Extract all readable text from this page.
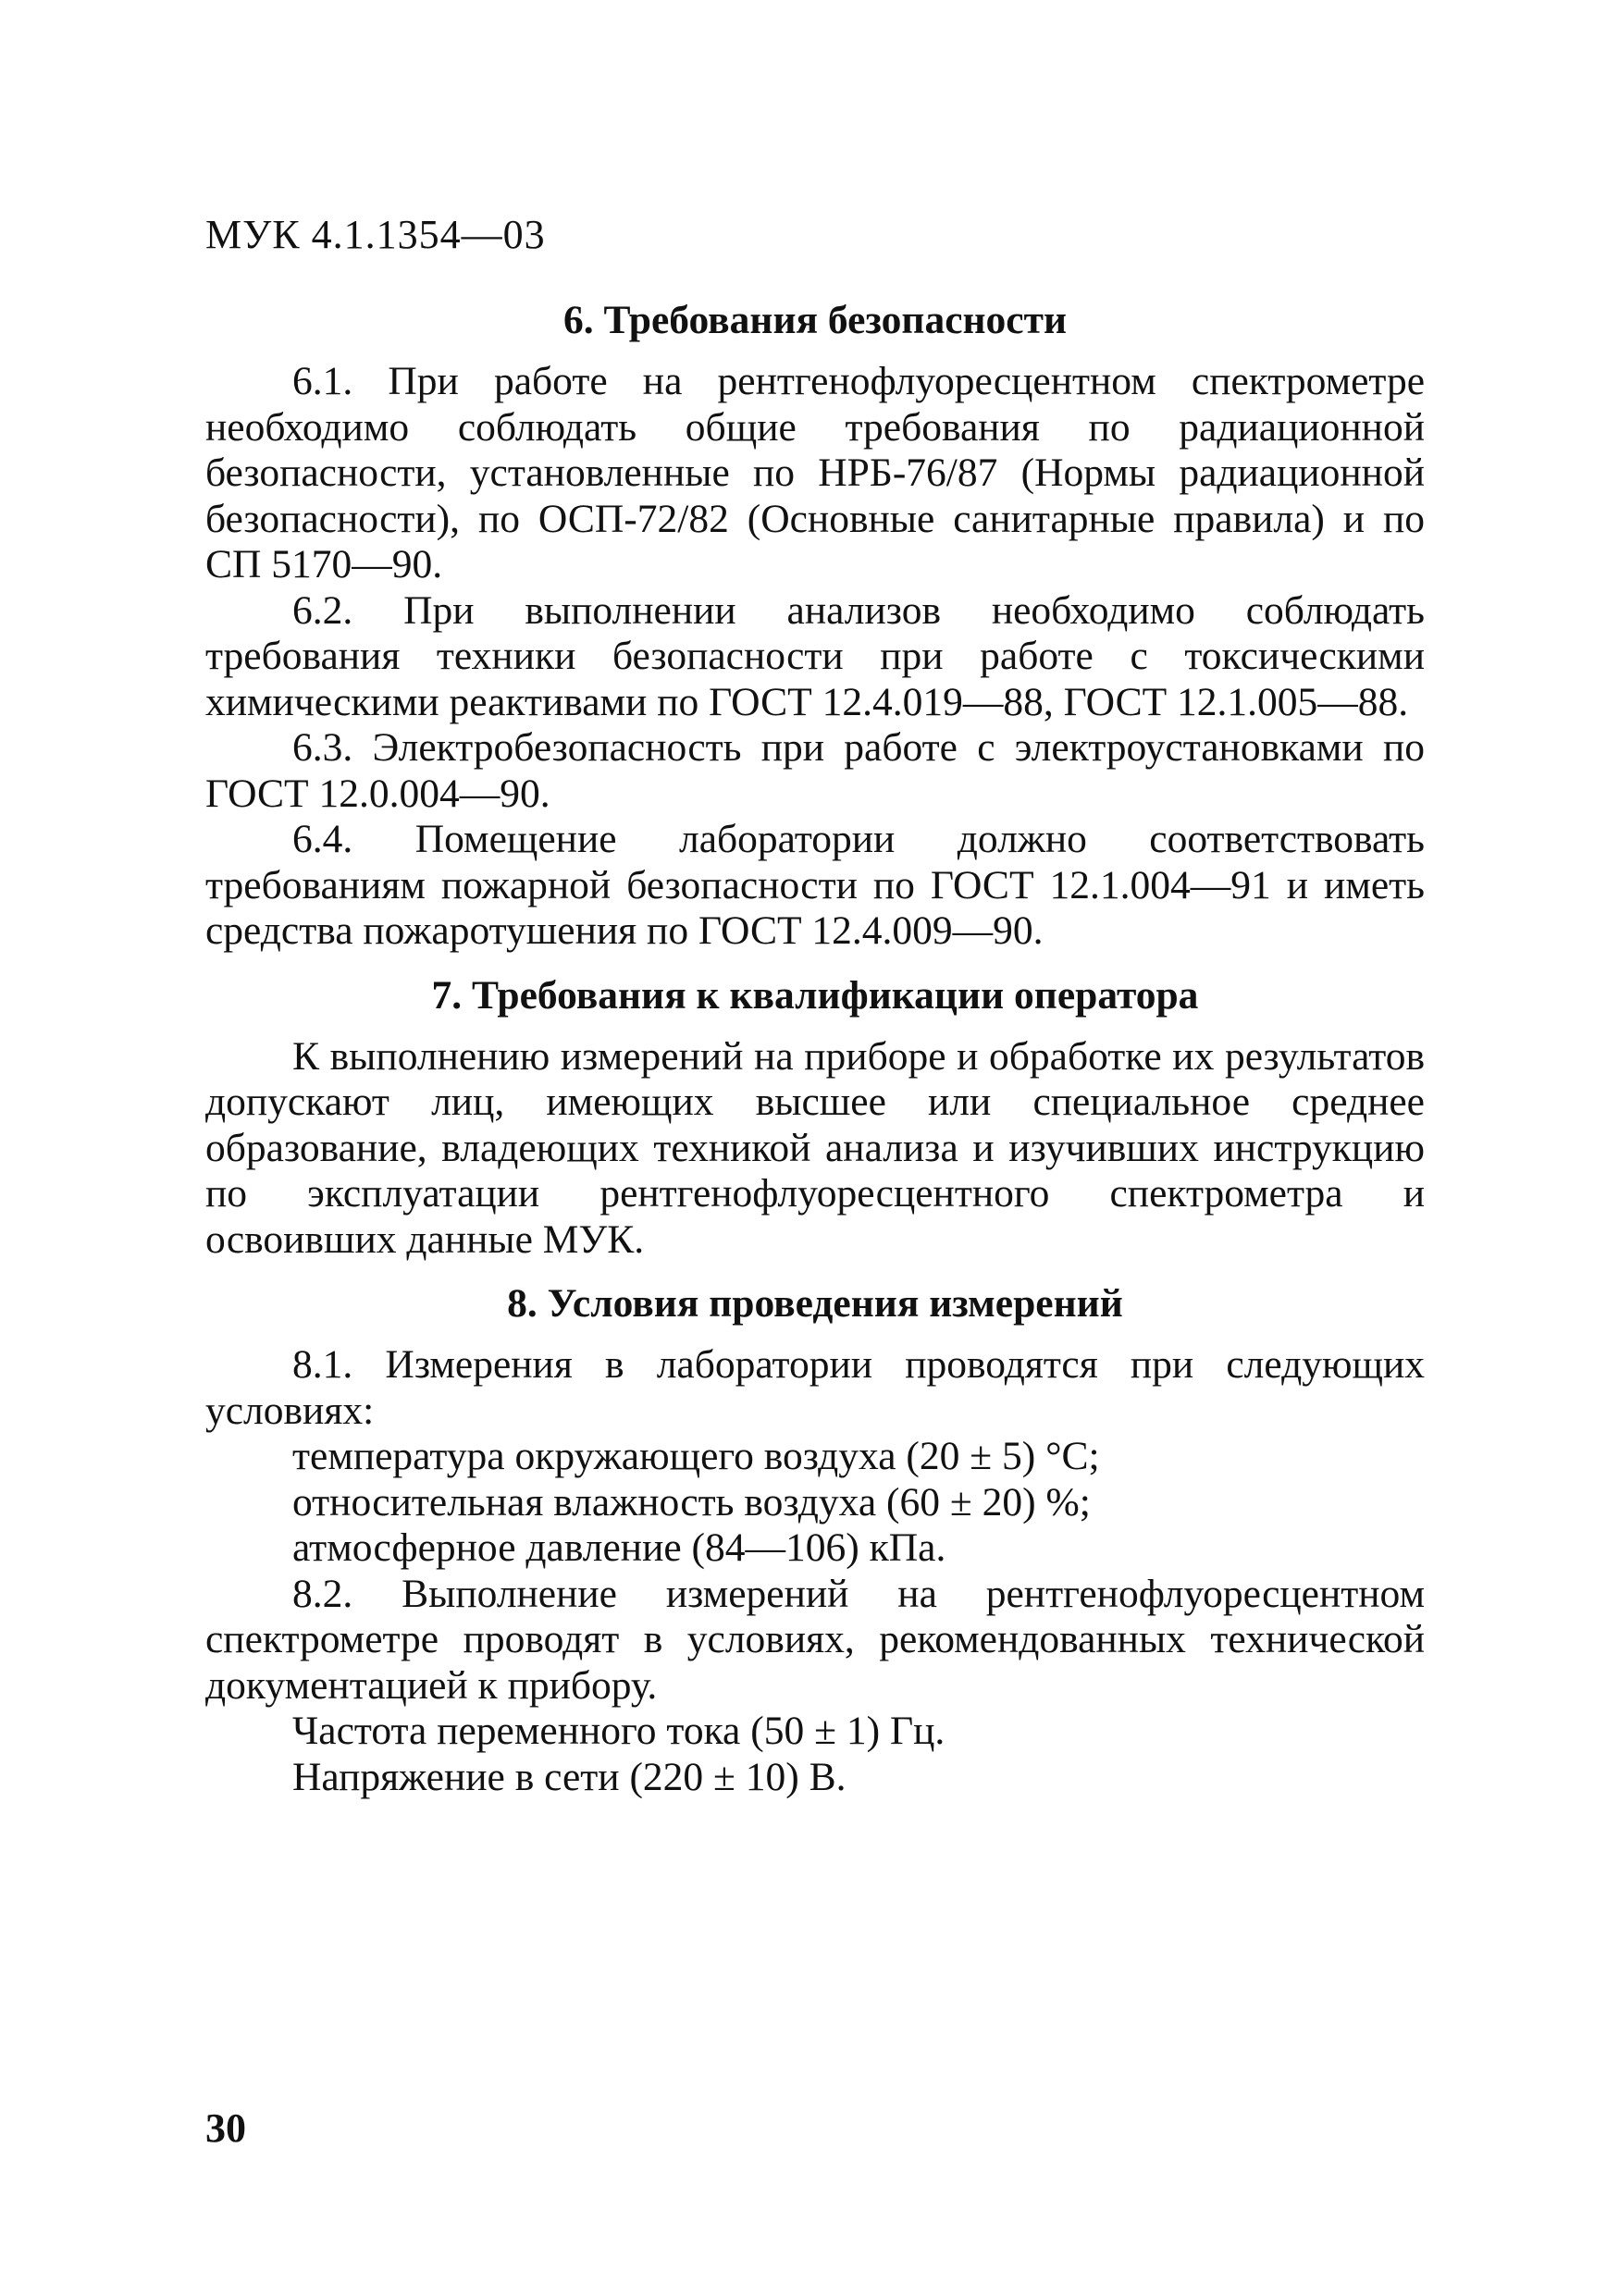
МУК 4.1.1354—03
6. Требования безопасности

6.1. При работе на рентгенофлуоресцентном спектрометре необходимо соблюдать общие требования по радиационной безопасности, установленные по НРБ-76/87 (Нормы радиационной безопасности), по ОСП-72/82 (Основные санитарные правила) и по СП 5170—90.

6.2. При выполнении анализов необходимо соблюдать требования техники безопасности при работе с токсическими химическими реактивами по ГОСТ 12.4.019—88, ГОСТ 12.1.005—88.

6.3. Электробезопасность при работе с электроустановками по ГОСТ 12.0.004—90.

6.4. Помещение лаборатории должно соответствовать требованиям пожарной безопасности по ГОСТ 12.1.004—91 и иметь средства пожаротушения по ГОСТ 12.4.009—90.

7. Требования к квалификации оператора

К выполнению измерений на приборе и обработке их результатов допускают лиц, имеющих высшее или специальное среднее образование, владеющих техникой анализа и изучивших инструкцию по эксплуатации рентгенофлуоресцентного спектрометра и освоивших данные МУК.

8. Условия проведения измерений

8.1. Измерения в лаборатории проводятся при следующих условиях:

температура окружающего воздуха (20 ± 5) °С;

относительная влажность воздуха (60 ± 20) %;

атмосферное давление (84—106) кПа.

8.2. Выполнение измерений на рентгенофлуоресцентном спектрометре проводят в условиях, рекомендованных технической документацией к прибору.

Частота переменного тока (50 ± 1) Гц.

Напряжение в сети (220 ± 10) В.

30
